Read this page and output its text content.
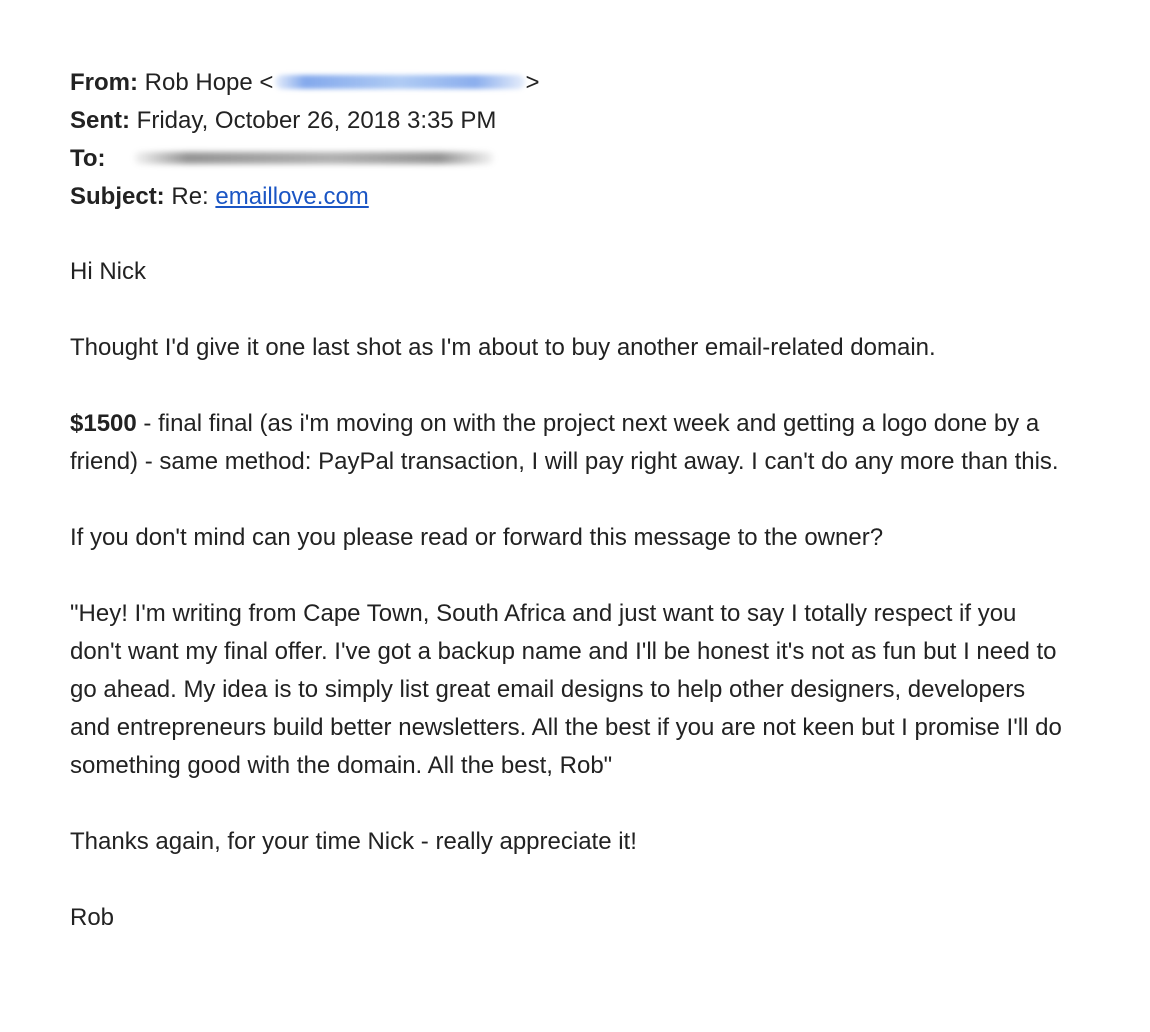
From: Rob Hope <	>
Sent: Friday, October 26, 2018 3:35 PM
To:
Subject: Re: emaillove.com

Hi Nick

Thought I'd give it one last shot as I'm about to buy another email-related domain.

$1500 - final final (as i'm moving on with the project next week and getting a logo done by a friend) - same method: PayPal transaction, I will pay right away. I can't do any more than this.

If you don't mind can you please read or forward this message to the owner?

"Hey! I'm writing from Cape Town, South Africa and just want to say I totally respect if you don't want my final offer. I've got a backup name and I'll be honest it's not as fun but I need to go ahead. My idea is to simply list great email designs to help other designers, developers and entrepreneurs build better newsletters. All the best if you are not keen but I promise I'll do something good with the domain. All the best, Rob"

Thanks again, for your time Nick - really appreciate it!

Rob
